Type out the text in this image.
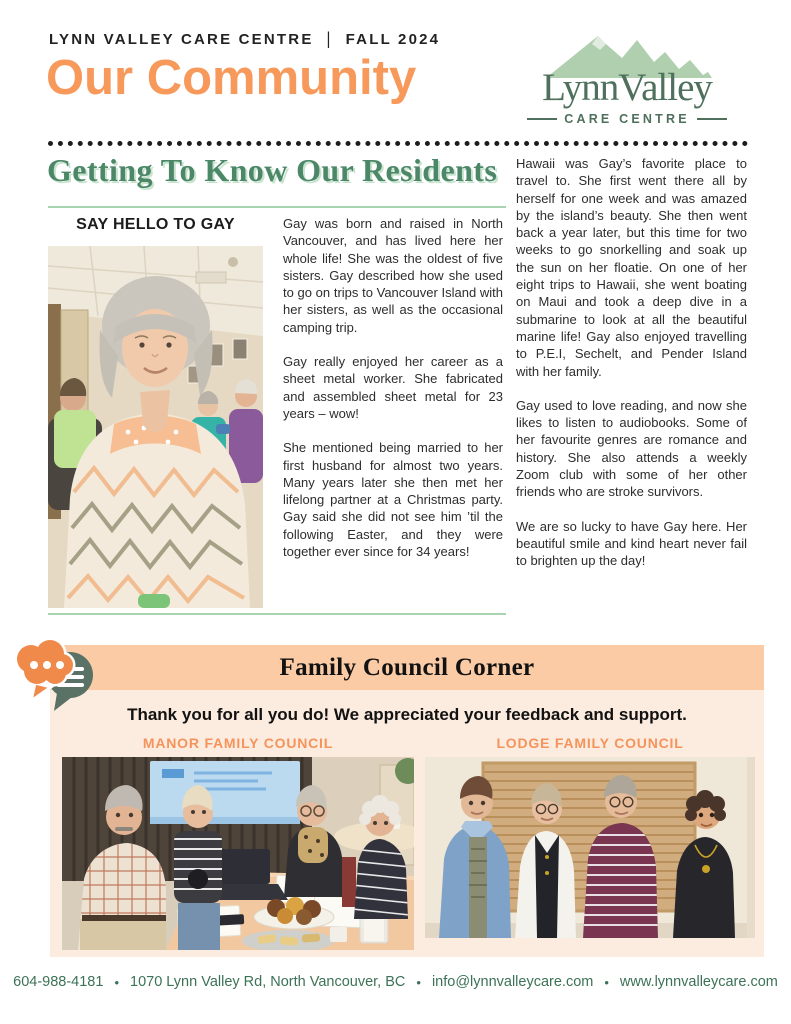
LYNN VALLEY CARE CENTRE | FALL 2024
Our Community	LynnValley
CARE CENTRE
Getting To Know Our Residents
SAY HELLO TO GAY	Gay was born and raised in North Vancouver, and has lived here her whole life! She was the oldest of five sisters. Gay described how she used to go on trips to Vancouver Island with her sisters, as well as the occasional camping trip.

Gay really enjoyed her career as a sheet metal worker. She fabricated and assembled sheet metal for 23 years – wow!

She mentioned being married to her first husband for almost two years. Many years later she then met her lifelong partner at a Christmas party. Gay said she did not see him ’til the following Easter, and they were together ever since for 34 years!

Hawaii was Gay’s favorite place to travel to. She first went there all by herself for one week and was amazed by the island’s beauty. She then went back a year later, but this time for two weeks to go snorkelling and soak up the sun on her floatie. On one of her eight trips to Hawaii, she went boating on Maui and took a deep dive in a submarine to look at all the beautiful marine life! Gay also enjoyed travelling to P.E.I, Sechelt, and Pender Island with her family.

Gay used to love reading, and now she likes to listen to audiobooks. Some of her favourite genres are romance and history. She also attends a weekly Zoom club with some of her other friends who are stroke survivors.

We are so lucky to have Gay here. Her beautiful smile and kind heart never fail to brighten up the day!

Family Council Corner
Thank you for all you do! We appreciated your feedback and support.
MANOR FAMILY COUNCIL	LODGE FAMILY COUNCIL
604-988-4181 • 1070 Lynn Valley Rd, North Vancouver, BC • info@lynnvalleycare.com • www.lynnvalleycare.com
